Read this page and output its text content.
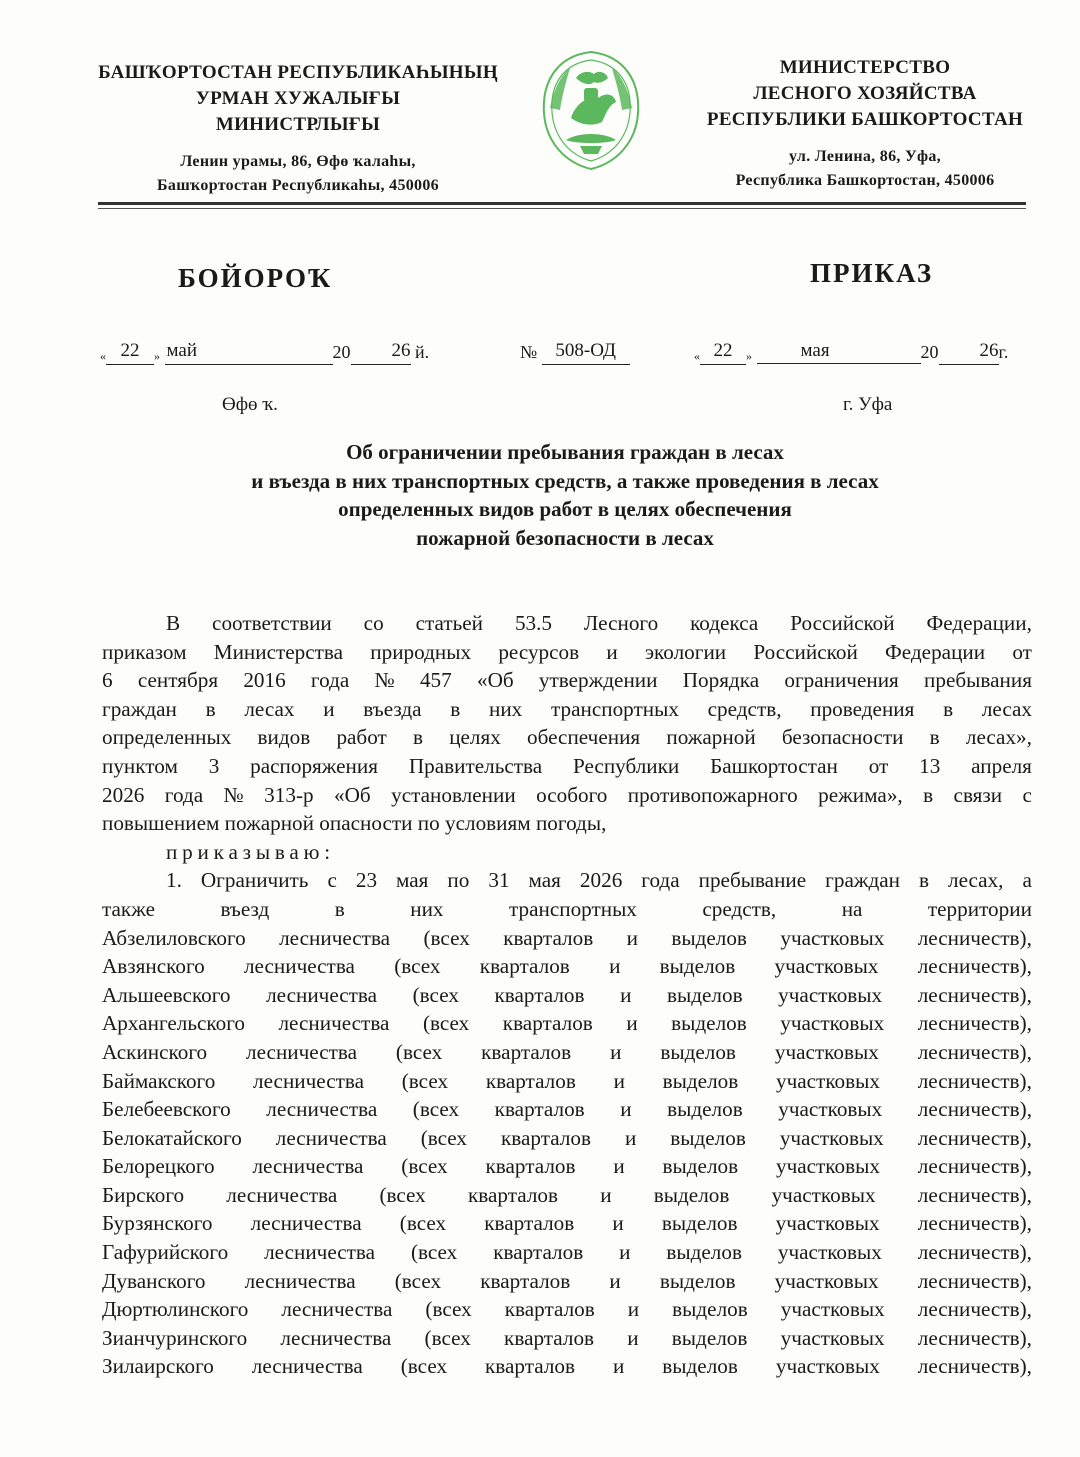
БАШҠОРТОСТАН РЕСПУБЛИКАҺЫНЫҢ
УРМАН ХУЖАЛЫҒЫ
МИНИСТРЛЫҒЫ
Ленин урамы, 86, Өфө ҡалаһы,
Башҡортостан Республикаһы, 450006
МИНИСТЕРСТВО
ЛЕСНОГО ХОЗЯЙСТВА
РЕСПУБЛИКИ БАШКОРТОСТАН
ул. Ленина, 86, Уфа,
Республика Башкортостан, 450006
БОЙОРОҠ	ПРИКАЗ
« 22 » май	20 26 й.	№ 508-ОД	« 22 »	мая	20 26г.
Өфө ҡ.	г. Уфа
Об ограничении пребывания граждан в лесах
и въезда в них транспортных средств, а также проведения в лесах
определенных видов работ в целях обеспечения
пожарной безопасности в лесах
В соответствии со статьей 53.5 Лесного кодекса Российской Федерации,
приказом Министерства природных ресурсов и экологии Российской Федерации от
6 сентября 2016 года № 457 «Об утверждении Порядка ограничения пребывания
граждан в лесах и въезда в них транспортных средств, проведения в лесах
определенных видов работ в целях обеспечения пожарной безопасности в лесах»,
пунктом 3 распоряжения Правительства Республики Башкортостан от 13 апреля
2026 года № 313-р «Об установлении особого противопожарного режима», в связи с
повышением пожарной опасности по условиям погоды,
приказываю:
1. Ограничить с 23 мая по 31 мая 2026 года пребывание граждан в лесах, а
также	въезд	в	них	транспортных	средств,	на	территории
Абзелиловского лесничества (всех кварталов и выделов участковых лесничеств),
Авзянского лесничества (всех кварталов и выделов участковых лесничеств),
Альшеевского лесничества (всех кварталов и выделов участковых лесничеств),
Архангельского лесничества (всех кварталов и выделов участковых лесничеств),
Аскинского лесничества (всех кварталов и выделов участковых лесничеств),
Баймакского лесничества (всех кварталов и выделов участковых лесничеств),
Белебеевского лесничества (всех кварталов и выделов участковых лесничеств),
Белокатайского лесничества (всех кварталов и выделов участковых лесничеств),
Белорецкого лесничества (всех кварталов и выделов участковых лесничеств),
Бирского лесничества (всех кварталов и выделов участковых лесничеств),
Бурзянского лесничества (всех кварталов и выделов участковых лесничеств),
Гафурийского лесничества (всех кварталов и выделов участковых лесничеств),
Дуванского лесничества (всех кварталов и выделов участковых лесничеств),
Дюртюлинского лесничества (всех кварталов и выделов участковых лесничеств),
Зианчуринского лесничества (всех кварталов и выделов участковых лесничеств),
Зилаирского лесничества (всех кварталов и выделов участковых лесничеств),
